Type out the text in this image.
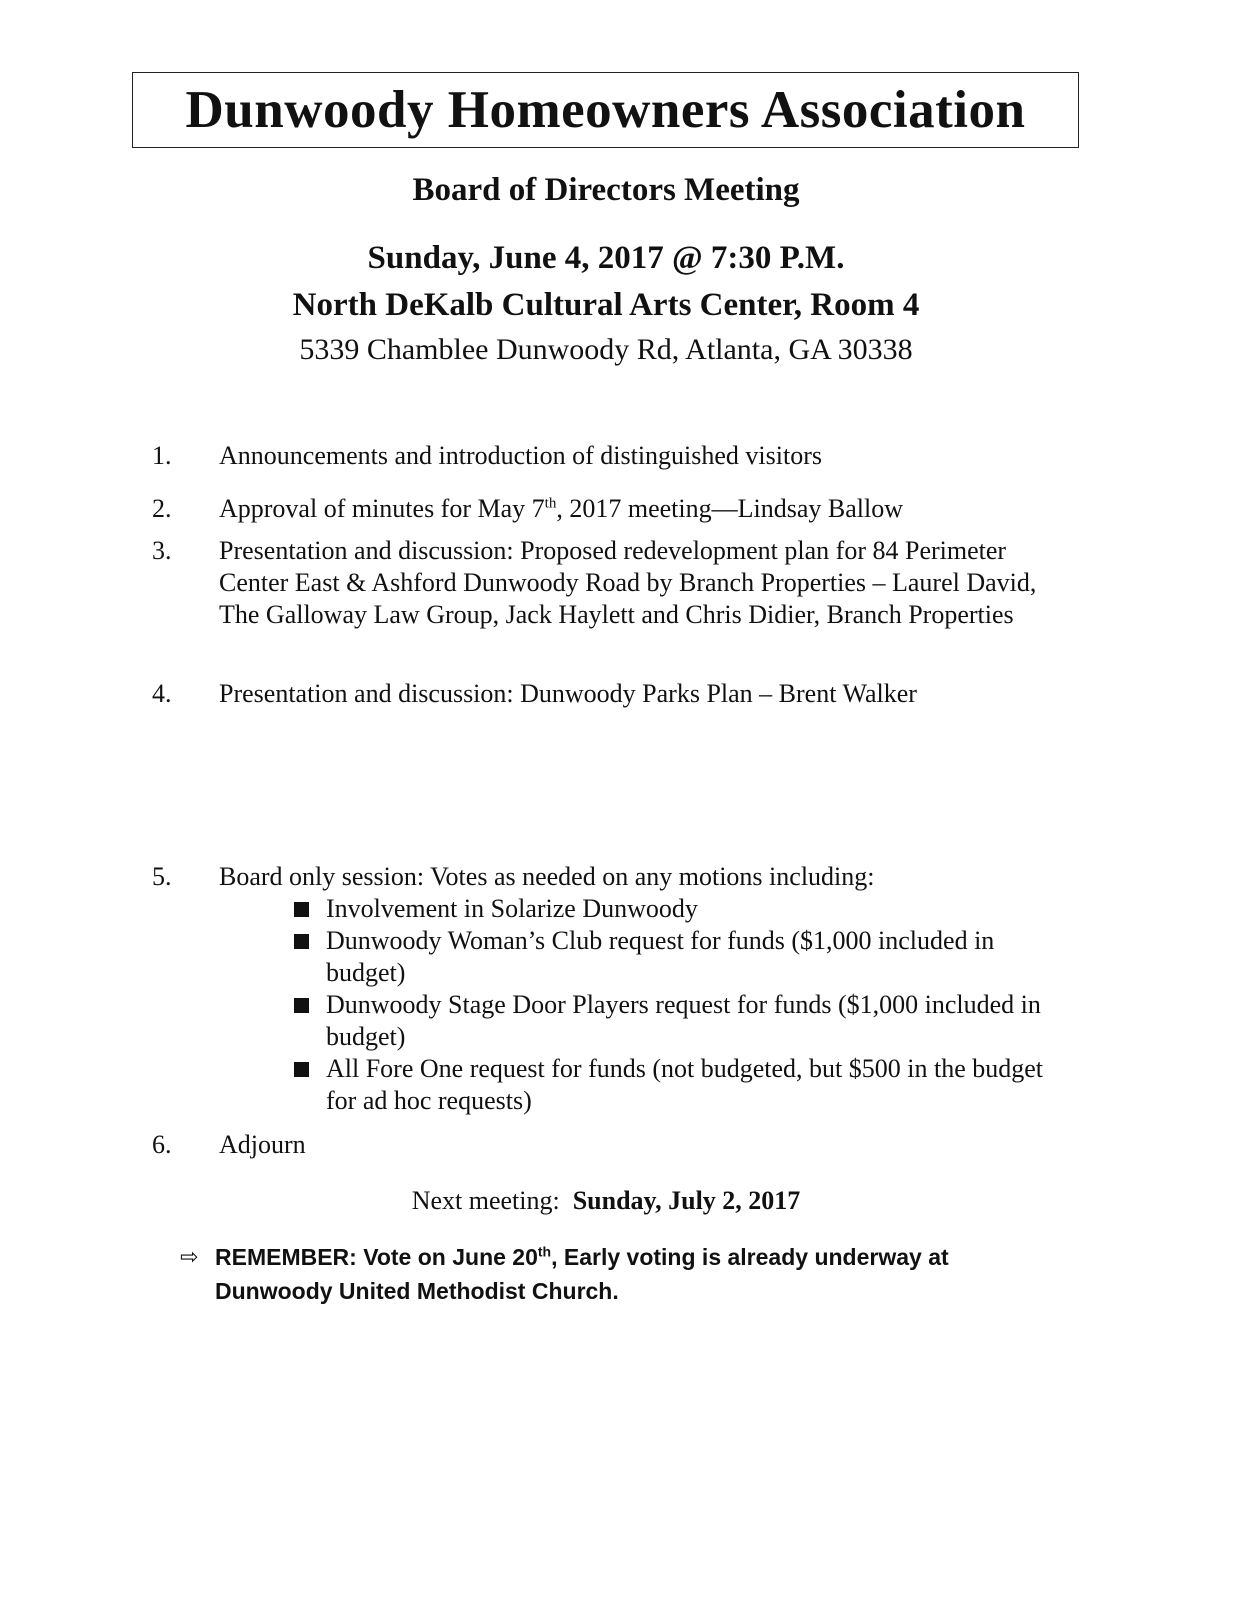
Dunwoody Homeowners Association

Board of Directors Meeting

Sunday, June 4, 2017 @ 7:30 P.M.

North DeKalb Cultural Arts Center, Room 4

5339 Chamblee Dunwoody Rd, Atlanta, GA 30338

1. Announcements and introduction of distinguished visitors
2. Approval of minutes for May 7th, 2017 meeting—Lindsay Ballow
3. Presentation and discussion: Proposed redevelopment plan for 84 Perimeter Center East & Ashford Dunwoody Road by Branch Properties – Laurel David, The Galloway Law Group, Jack Haylett and Chris Didier, Branch Properties
4. Presentation and discussion: Dunwoody Parks Plan – Brent Walker
5. Board only session: Votes as needed on any motions including:
Involvement in Solarize Dunwoody
Dunwoody Woman’s Club request for funds ($1,000 included in budget)
Dunwoody Stage Door Players request for funds ($1,000 included in budget)
All Fore One request for funds (not budgeted, but $500 in the budget for ad hoc requests)
6. Adjourn
Next meeting: Sunday, July 2, 2017
⇨ REMEMBER: Vote on June 20th, Early voting is already underway at Dunwoody United Methodist Church.
